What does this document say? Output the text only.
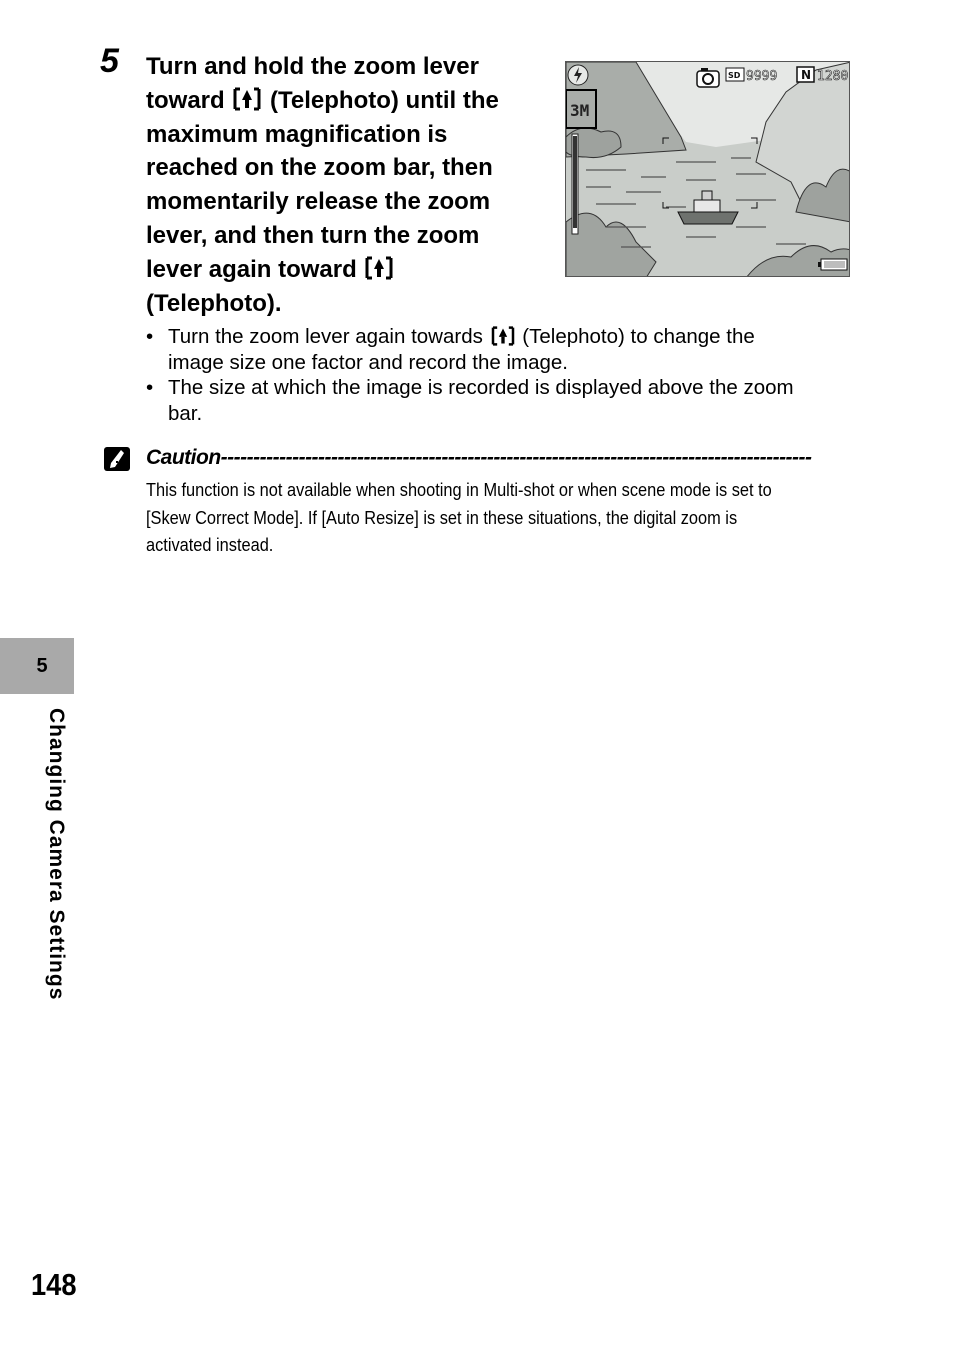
5 Turn and hold the zoom lever
toward (Telephoto) until the
maximum magnification is
reached on the zoom bar, then
momentarily release the zoom
lever, and then turn the zoom
lever again toward
(Telephoto).
3M
SD 9999 N 1280
• Turn the zoom lever again towards (Telephoto) to change the
image size one factor and record the image.
• The size at which the image is recorded is displayed above the zoom
bar.
Caution-------------------------------------------------------------------------------------------
This function is not available when shooting in Multi-shot or when scene mode is set to
[Skew Correct Mode]. If [Auto Resize] is set in these situations, the digital zoom is
activated instead.
5
Changing Camera Settings
148
